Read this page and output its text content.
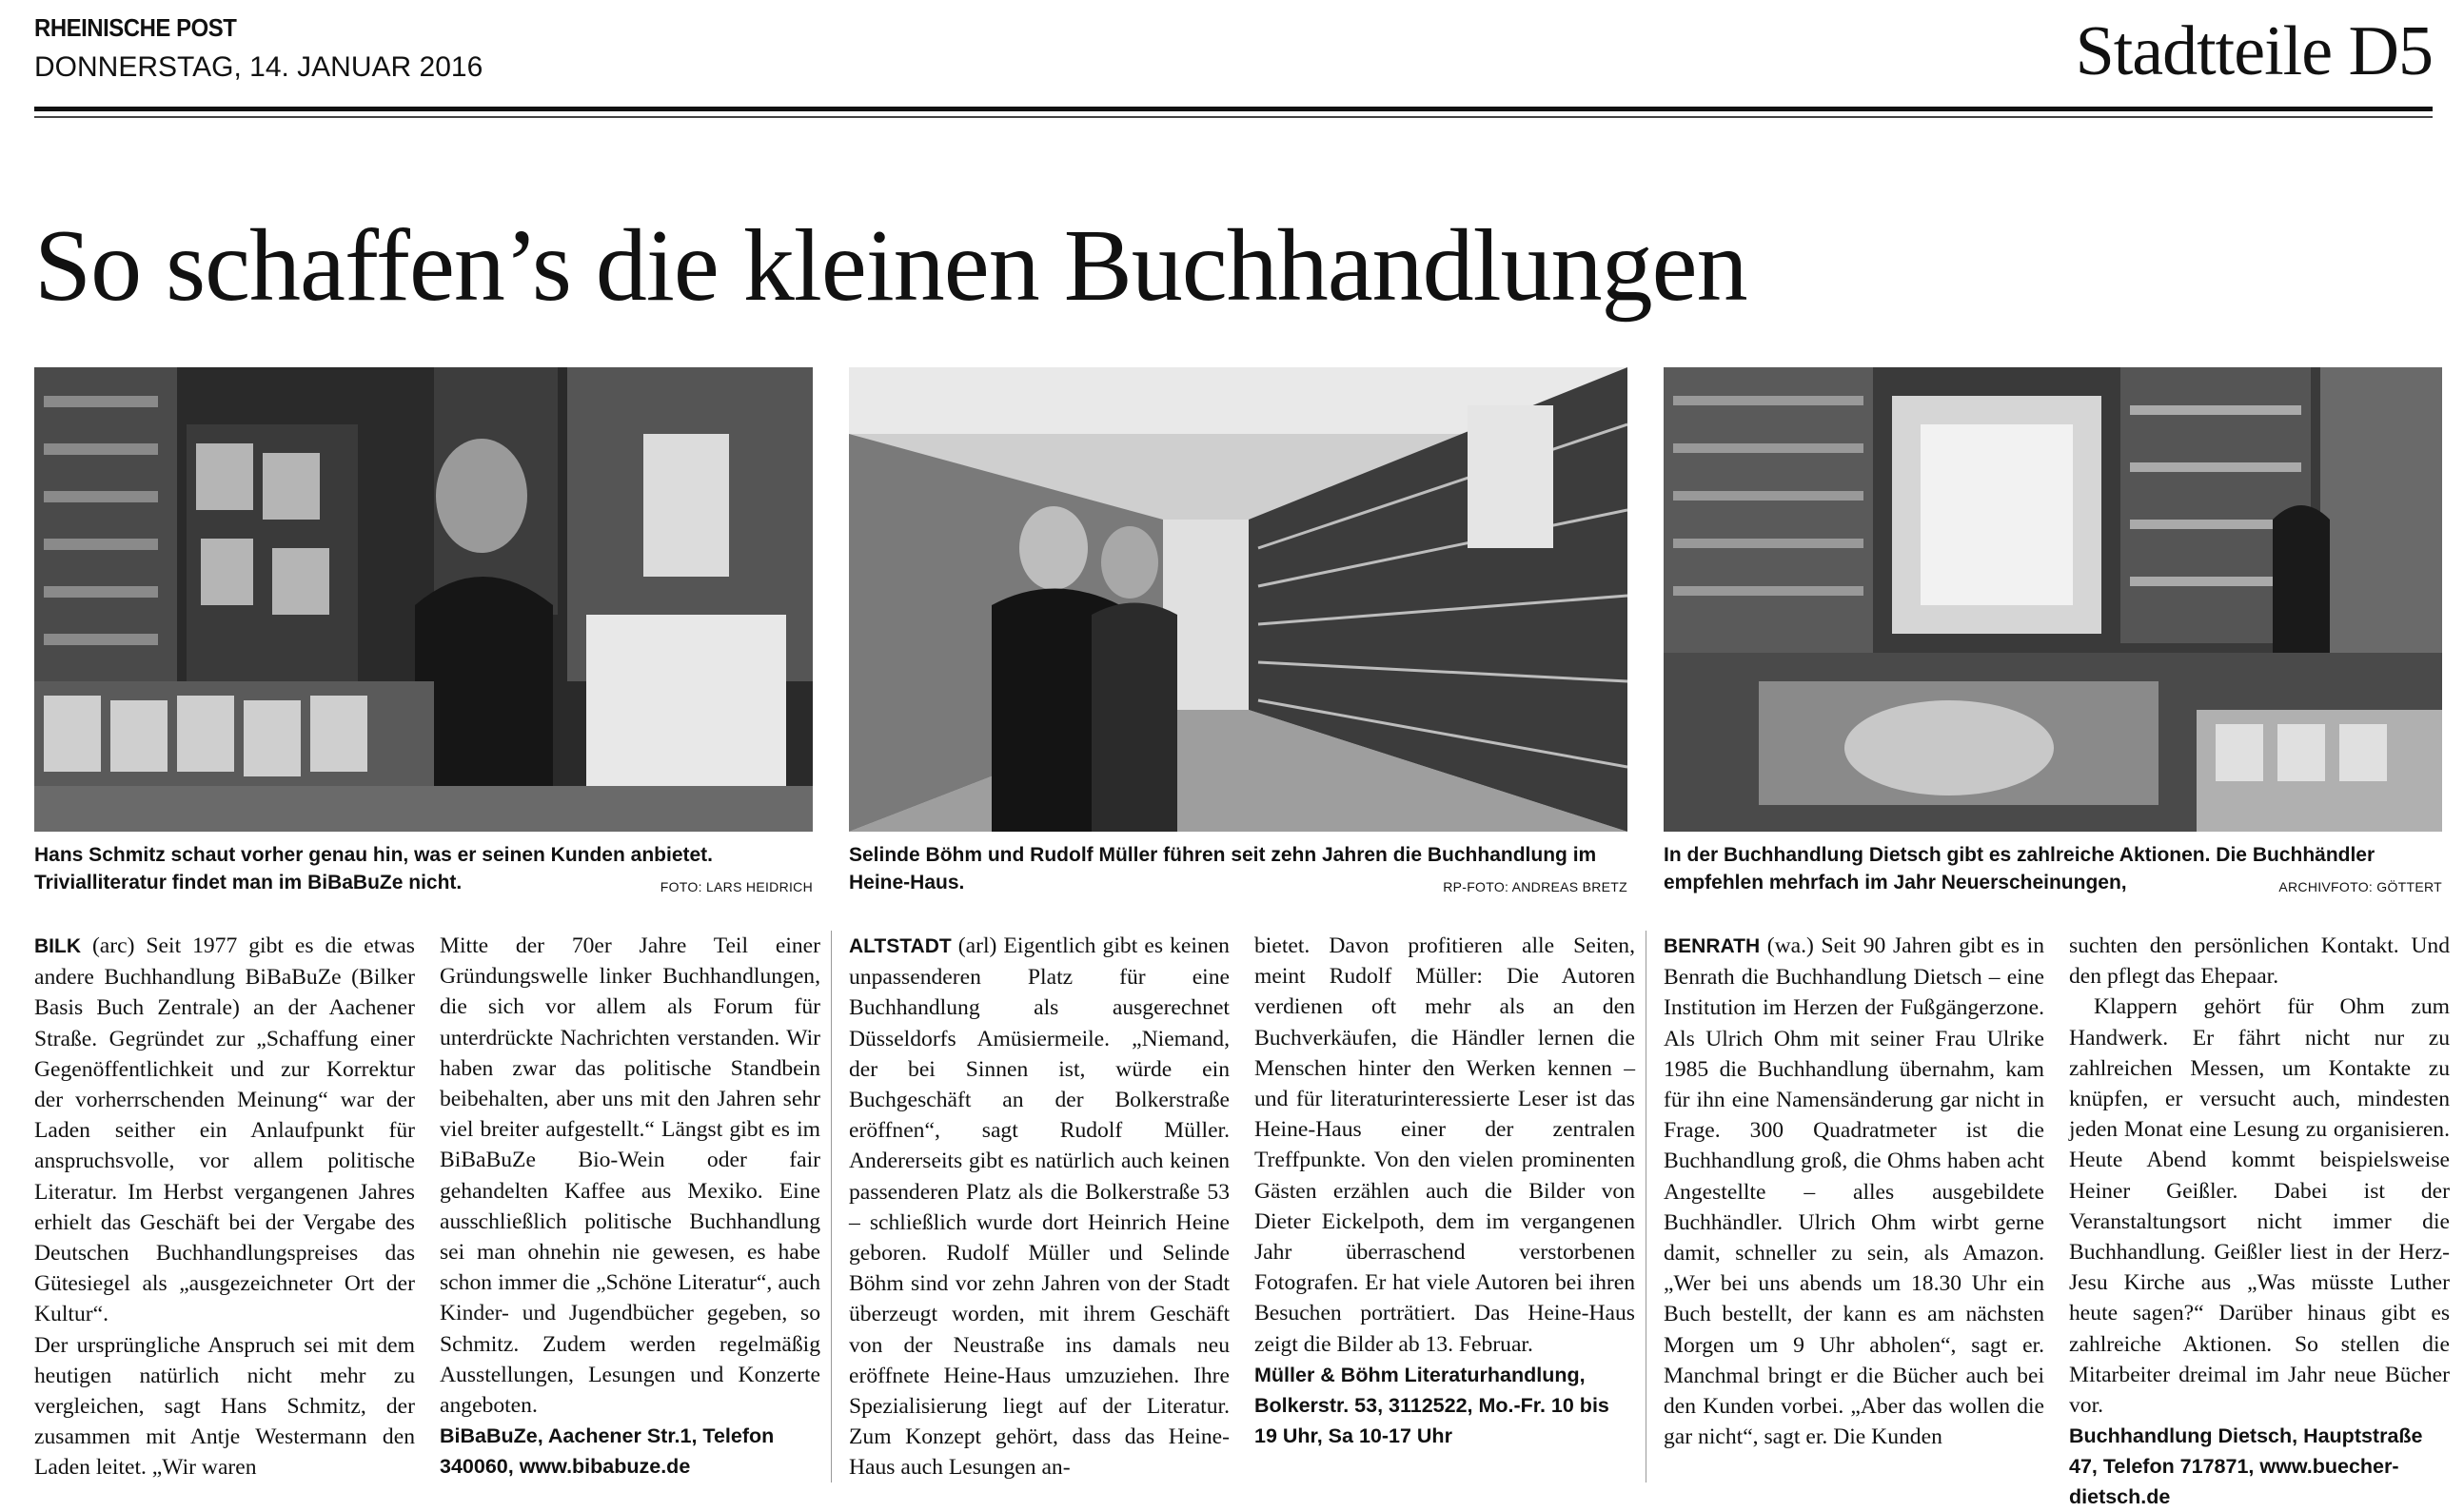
RHEINISCHE POST
DONNERSTAG, 14. JANUAR 2016	Stadtteile D5
So schaffen’s die kleinen Buchhandlungen
Hans Schmitz schaut vorher genau hin, was er seinen Kunden anbietet. Trivialliteratur findet man im BiBaBuZe nicht.	FOTO: LARS HEIDRICH
Selinde Böhm und Rudolf Müller führen seit zehn Jahren die Buchhandlung im Heine-Haus.	RP-FOTO: ANDREAS BRETZ
In der Buchhandlung Dietsch gibt es zahlreiche Aktionen. Die Buchhändler empfehlen mehrfach im Jahr Neuerscheinungen,	ARCHIVFOTO: GÖTTERT

BILK (arc) Seit 1977 gibt es die etwas andere Buchhandlung BiBaBuZe (Bilker Basis Buch Zentrale) an der Aachener Straße. Gegründet zur „Schaffung einer Gegenöffentlichkeit und zur Korrektur der vorherrschenden Meinung“ war der Laden seither ein Anlaufpunkt für anspruchsvolle, vor allem politische Literatur. Im Herbst vergangenen Jahres erhielt das Geschäft bei der Vergabe des Deutschen Buchhandlungspreises das Gütesiegel als „ausgezeichneter Ort der Kultur“.

Der ursprüngliche Anspruch sei mit dem heutigen natürlich nicht mehr zu vergleichen, sagt Hans Schmitz, der zusammen mit Antje Westermann den Laden leitet. „Wir waren

Mitte der 70er Jahre Teil einer Gründungswelle linker Buchhandlungen, die sich vor allem als Forum für unterdrückte Nachrichten verstanden. Wir haben zwar das politische Standbein beibehalten, aber uns mit den Jahren sehr viel breiter aufgestellt.“ Längst gibt es im BiBaBuZe Bio-Wein oder fair gehandelten Kaffee aus Mexiko. Eine ausschließlich politische Buchhandlung sei man ohnehin nie gewesen, es habe schon immer die „Schöne Literatur“, auch Kinder- und Jugendbücher gegeben, so Schmitz. Zudem werden regelmäßig Ausstellungen, Lesungen und Konzerte angeboten.

BiBaBuZe, Aachener Str.1, Telefon 340060, www.bibabuze.de

ALTSTADT (arl) Eigentlich gibt es keinen unpassenderen Platz für eine Buchhandlung als ausgerechnet Düsseldorfs Amüsiermeile. „Niemand, der bei Sinnen ist, würde ein Buchgeschäft an der Bolkerstraße eröffnen“, sagt Rudolf Müller. Andererseits gibt es natürlich auch keinen passenderen Platz als die Bolkerstraße 53 – schließlich wurde dort Heinrich Heine geboren. Rudolf Müller und Selinde Böhm sind vor zehn Jahren von der Stadt überzeugt worden, mit ihrem Geschäft von der Neustraße ins damals neu eröffnete Heine-Haus umzuziehen. Ihre Spezialisierung liegt auf der Literatur. Zum Konzept gehört, dass das Heine-Haus auch Lesungen an-

bietet. Davon profitieren alle Seiten, meint Rudolf Müller: Die Autoren verdienen oft mehr als an den Buchverkäufen, die Händler lernen die Menschen hinter den Werken kennen – und für literaturinteressierte Leser ist das Heine-Haus einer der zentralen Treffpunkte. Von den vielen prominenten Gästen erzählen auch die Bilder von Dieter Eickelpoth, dem im vergangenen Jahr überraschend verstorbenen Fotografen. Er hat viele Autoren bei ihren Besuchen porträtiert. Das Heine-Haus zeigt die Bilder ab 13. Februar.

Müller & Böhm Literaturhandlung, Bolkerstr. 53, 3112522, Mo.-Fr. 10 bis 19 Uhr, Sa 10-17 Uhr

BENRATH (wa.) Seit 90 Jahren gibt es in Benrath die Buchhandlung Dietsch – eine Institution im Herzen der Fußgängerzone. Als Ulrich Ohm mit seiner Frau Ulrike 1985 die Buchhandlung übernahm, kam für ihn eine Namensänderung gar nicht in Frage. 300 Quadratmeter ist die Buchhandlung groß, die Ohms haben acht Angestellte – alles ausgebildete Buchhändler. Ulrich Ohm wirbt gerne damit, schneller zu sein, als Amazon. „Wer bei uns abends um 18.30 Uhr ein Buch bestellt, der kann es am nächsten Morgen um 9 Uhr abholen“, sagt er. Manchmal bringt er die Bücher auch bei den Kunden vorbei. „Aber das wollen die gar nicht“, sagt er. Die Kunden

suchten den persönlichen Kontakt. Und den pflegt das Ehepaar.

Klappern gehört für Ohm zum Handwerk. Er fährt nicht nur zu zahlreichen Messen, um Kontakte zu knüpfen, er versucht auch, mindesten jeden Monat eine Lesung zu organisieren. Heute Abend kommt beispielsweise Heiner Geißler. Dabei ist der Veranstaltungsort nicht immer die Buchhandlung. Geißler liest in der Herz-Jesu Kirche aus „Was müsste Luther heute sagen?“ Darüber hinaus gibt es zahlreiche Aktionen. So stellen die Mitarbeiter dreimal im Jahr neue Bücher vor.

Buchhandlung Dietsch, Hauptstraße 47, Telefon 717871, www.buecher-dietsch.de
